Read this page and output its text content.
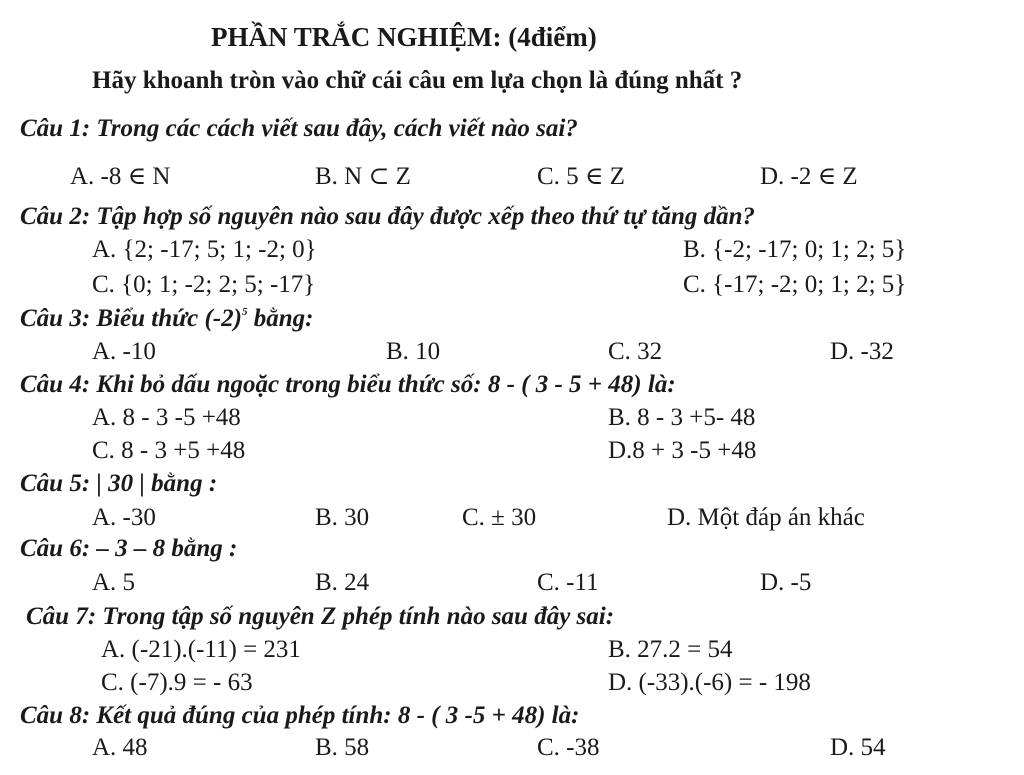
PHẦN TRẮC NGHIỆM: (4điểm)
Hãy khoanh tròn vào chữ cái câu em lựa chọn là đúng nhất ?
Câu 1: Trong các cách viết sau đây, cách viết nào sai?
A. -8 ∈ N	B. N ⊂ Z	C. 5 ∈ Z	D. -2 ∈ Z
Câu 2: Tập hợp số nguyên nào sau đây được xếp theo thứ tự tăng dần?
A. {2; -17; 5; 1; -2; 0}	B. {-2; -17; 0; 1; 2; 5}
C. {0; 1; -2; 2; 5; -17}	C. {-17; -2; 0; 1; 2; 5}
Câu 3: Biểu thức $(-2)^5$ bằng:
A. -10	B. 10	C. 32	D. -32
Câu 4: Khi bỏ dấu ngoặc trong biểu thức số: 8 - ( 3 - 5 + 48) là:
A. 8 - 3 -5 +48	B. 8 - 3 +5- 48
C. 8 - 3 +5 +48	D.8 + 3 -5 +48
Câu 5: | 30 | bằng :
A. -30	B. 30	C. ± 30	D. Một đáp án khác
Câu 6: – 3 – 8 bằng :
A. 5	B. 24	C. -11	D. -5
Câu 7: Trong tập số nguyên Z phép tính nào sau đây sai:
A. (-21).(-11) = 231	B. 27.2 = 54
C. (-7).9 = - 63	D. (-33).(-6) = - 198
Câu 8: Kết quả đúng của phép tính: 8 - ( 3 -5 + 48) là:
A. 48	B. 58	C. -38	D. 54
